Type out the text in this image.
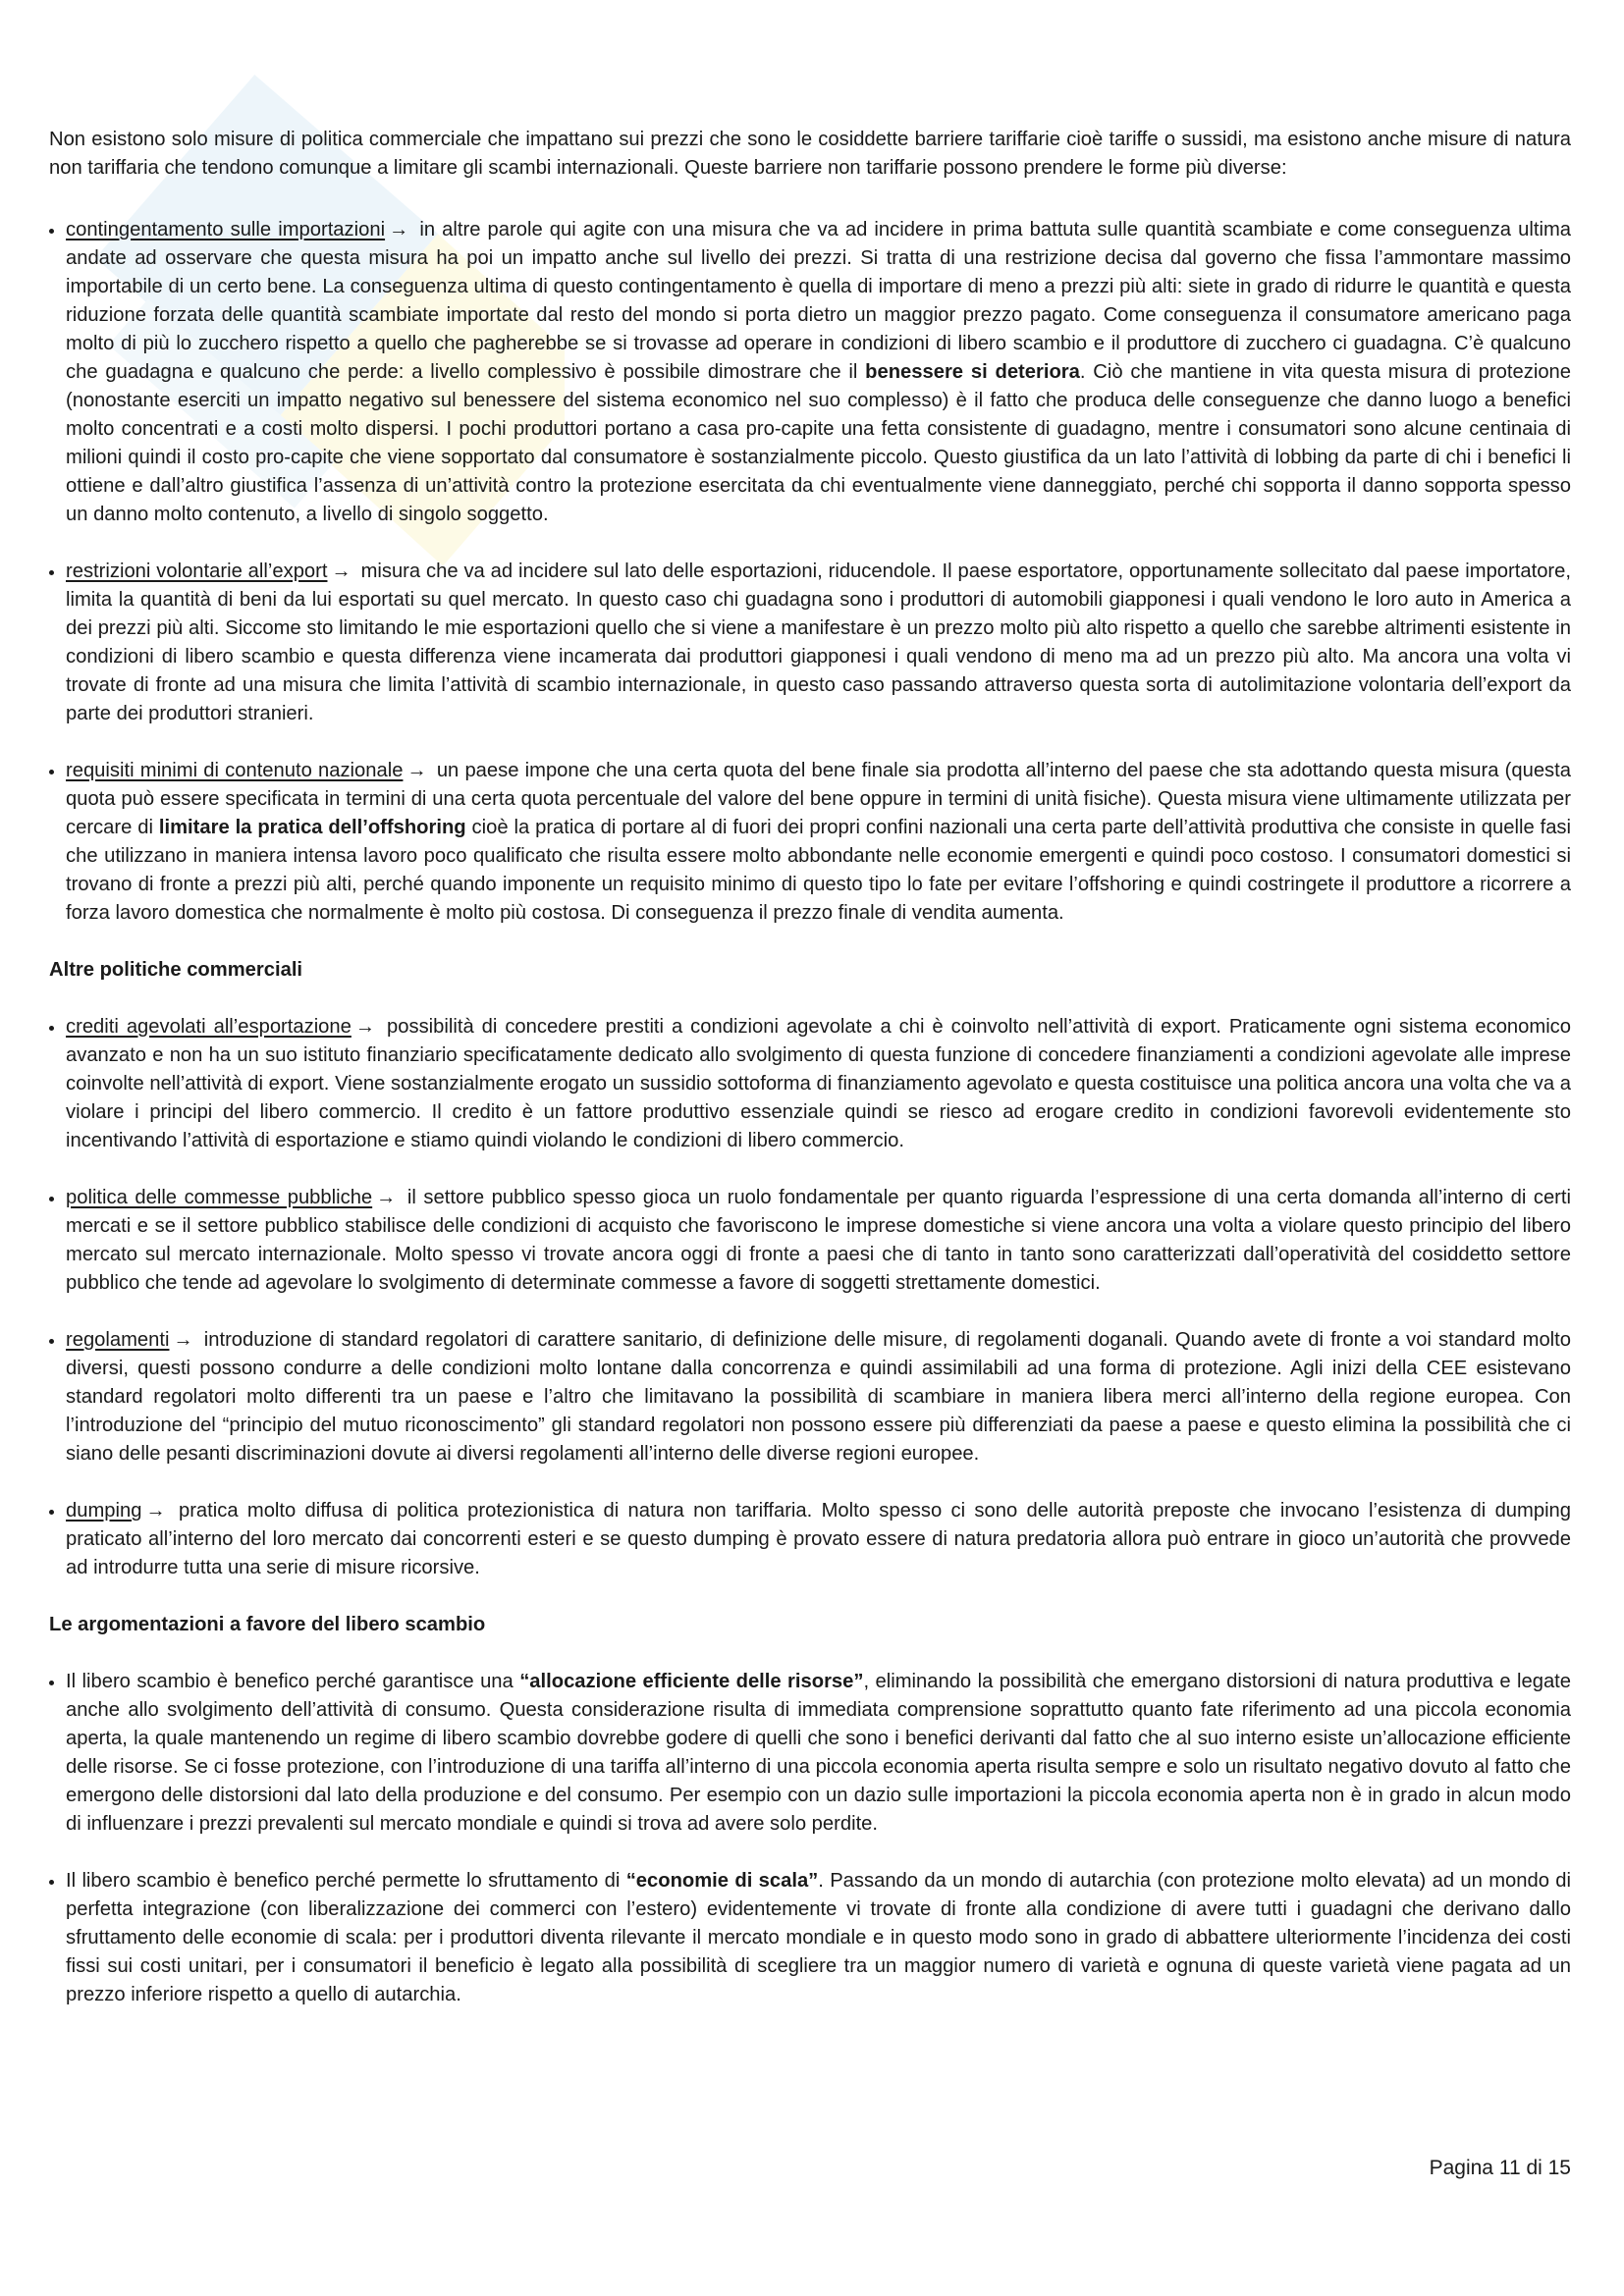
Non esistono solo misure di politica commerciale che impattano sui prezzi che sono le cosiddette barriere tariffarie cioè tariffe o sussidi, ma esistono anche misure di natura non tariffaria che tendono comunque a limitare gli scambi internazionali. Queste barriere non tariffarie possono prendere le forme più diverse:

contingentamento sulle importazioni → in altre parole qui agite con una misura che va ad incidere in prima battuta sulle quantità scambiate e come conseguenza ultima andate ad osservare che questa misura ha poi un impatto anche sul livello dei prezzi. Si tratta di una restrizione decisa dal governo che fissa l’ammontare massimo importabile di un certo bene. La conseguenza ultima di questo contingentamento è quella di importare di meno a prezzi più alti: siete in grado di ridurre le quantità e questa riduzione forzata delle quantità scambiate importate dal resto del mondo si porta dietro un maggior prezzo pagato. Come conseguenza il consumatore americano paga molto di più lo zucchero rispetto a quello che pagherebbe se si trovasse ad operare in condizioni di libero scambio e il produttore di zucchero ci guadagna. C’è qualcuno che guadagna e qualcuno che perde: a livello complessivo è possibile dimostrare che il benessere si deteriora. Ciò che mantiene in vita questa misura di protezione (nonostante eserciti un impatto negativo sul benessere del sistema economico nel suo complesso) è il fatto che produca delle conseguenze che danno luogo a benefici molto concentrati e a costi molto dispersi. I pochi produttori portano a casa pro-capite una fetta consistente di guadagno, mentre i consumatori sono alcune centinaia di milioni quindi il costo pro-capite che viene sopportato dal consumatore è sostanzialmente piccolo. Questo giustifica da un lato l’attività di lobbing da parte di chi i benefici li ottiene e dall’altro giustifica l’assenza di un’attività contro la protezione esercitata da chi eventualmente viene danneggiato, perché chi sopporta il danno sopporta spesso un danno molto contenuto, a livello di singolo soggetto.
restrizioni volontarie all’export → misura che va ad incidere sul lato delle esportazioni, riducendole. Il paese esportatore, opportunamente sollecitato dal paese importatore, limita la quantità di beni da lui esportati su quel mercato. In questo caso chi guadagna sono i produttori di automobili giapponesi i quali vendono le loro auto in America a dei prezzi più alti. Siccome sto limitando le mie esportazioni quello che si viene a manifestare è un prezzo molto più alto rispetto a quello che sarebbe altrimenti esistente in condizioni di libero scambio e questa differenza viene incamerata dai produttori giapponesi i quali vendono di meno ma ad un prezzo più alto. Ma ancora una volta vi trovate di fronte ad una misura che limita l’attività di scambio internazionale, in questo caso passando attraverso questa sorta di autolimitazione volontaria dell’export da parte dei produttori stranieri.
requisiti minimi di contenuto nazionale → un paese impone che una certa quota del bene finale sia prodotta all’interno del paese che sta adottando questa misura (questa quota può essere specificata in termini di una certa quota percentuale del valore del bene oppure in termini di unità fisiche). Questa misura viene ultimamente utilizzata per cercare di limitare la pratica dell’offshoring cioè la pratica di portare al di fuori dei propri confini nazionali una certa parte dell’attività produttiva che consiste in quelle fasi che utilizzano in maniera intensa lavoro poco qualificato che risulta essere molto abbondante nelle economie emergenti e quindi poco costoso. I consumatori domestici si trovano di fronte a prezzi più alti, perché quando imponente un requisito minimo di questo tipo lo fate per evitare l’offshoring e quindi costringete il produttore a ricorrere a forza lavoro domestica che normalmente è molto più costosa. Di conseguenza il prezzo finale di vendita aumenta.
Altre politiche commerciali
crediti agevolati all’esportazione → possibilità di concedere prestiti a condizioni agevolate a chi è coinvolto nell’attività di export. Praticamente ogni sistema economico avanzato e non ha un suo istituto finanziario specificatamente dedicato allo svolgimento di questa funzione di concedere finanziamenti a condizioni agevolate alle imprese coinvolte nell’attività di export. Viene sostanzialmente erogato un sussidio sottoforma di finanziamento agevolato e questa costituisce una politica ancora una volta che va a violare i principi del libero commercio. Il credito è un fattore produttivo essenziale quindi se riesco ad erogare credito in condizioni favorevoli evidentemente sto incentivando l’attività di esportazione e stiamo quindi violando le condizioni di libero commercio.
politica delle commesse pubbliche → il settore pubblico spesso gioca un ruolo fondamentale per quanto riguarda l’espressione di una certa domanda all’interno di certi mercati e se il settore pubblico stabilisce delle condizioni di acquisto che favoriscono le imprese domestiche si viene ancora una volta a violare questo principio del libero mercato sul mercato internazionale. Molto spesso vi trovate ancora oggi di fronte a paesi che di tanto in tanto sono caratterizzati dall’operatività del cosiddetto settore pubblico che tende ad agevolare lo svolgimento di determinate commesse a favore di soggetti strettamente domestici.
regolamenti → introduzione di standard regolatori di carattere sanitario, di definizione delle misure, di regolamenti doganali. Quando avete di fronte a voi standard molto diversi, questi possono condurre a delle condizioni molto lontane dalla concorrenza e quindi assimilabili ad una forma di protezione. Agli inizi della CEE esistevano standard regolatori molto differenti tra un paese e l’altro che limitavano la possibilità di scambiare in maniera libera merci all’interno della regione europea. Con l’introduzione del “principio del mutuo riconoscimento” gli standard regolatori non possono essere più differenziati da paese a paese e questo elimina la possibilità che ci siano delle pesanti discriminazioni dovute ai diversi regolamenti all’interno delle diverse regioni europee.
dumping → pratica molto diffusa di politica protezionistica di natura non tariffaria. Molto spesso ci sono delle autorità preposte che invocano l’esistenza di dumping praticato all’interno del loro mercato dai concorrenti esteri e se questo dumping è provato essere di natura predatoria allora può entrare in gioco un’autorità che provvede ad introdurre tutta una serie di misure ricorsive.
Le argomentazioni a favore del libero scambio
Il libero scambio è benefico perché garantisce una “allocazione efficiente delle risorse”, eliminando la possibilità che emergano distorsioni di natura produttiva e legate anche allo svolgimento dell’attività di consumo. Questa considerazione risulta di immediata comprensione soprattutto quanto fate riferimento ad una piccola economia aperta, la quale mantenendo un regime di libero scambio dovrebbe godere di quelli che sono i benefici derivanti dal fatto che al suo interno esiste un’allocazione efficiente delle risorse. Se ci fosse protezione, con l’introduzione di una tariffa all’interno di una piccola economia aperta risulta sempre e solo un risultato negativo dovuto al fatto che emergono delle distorsioni dal lato della produzione e del consumo. Per esempio con un dazio sulle importazioni la piccola economia aperta non è in grado in alcun modo di influenzare i prezzi prevalenti sul mercato mondiale e quindi si trova ad avere solo perdite.
Il libero scambio è benefico perché permette lo sfruttamento di “economie di scala”. Passando da un mondo di autarchia (con protezione molto elevata) ad un mondo di perfetta integrazione (con liberalizzazione dei commerci con l’estero) evidentemente vi trovate di fronte alla condizione di avere tutti i guadagni che derivano dallo sfruttamento delle economie di scala: per i produttori diventa rilevante il mercato mondiale e in questo modo sono in grado di abbattere ulteriormente l’incidenza dei costi fissi sui costi unitari, per i consumatori il beneficio è legato alla possibilità di scegliere tra un maggior numero di varietà e ognuna di queste varietà viene pagata ad un prezzo inferiore rispetto a quello di autarchia.
Pagina 11 di 15
